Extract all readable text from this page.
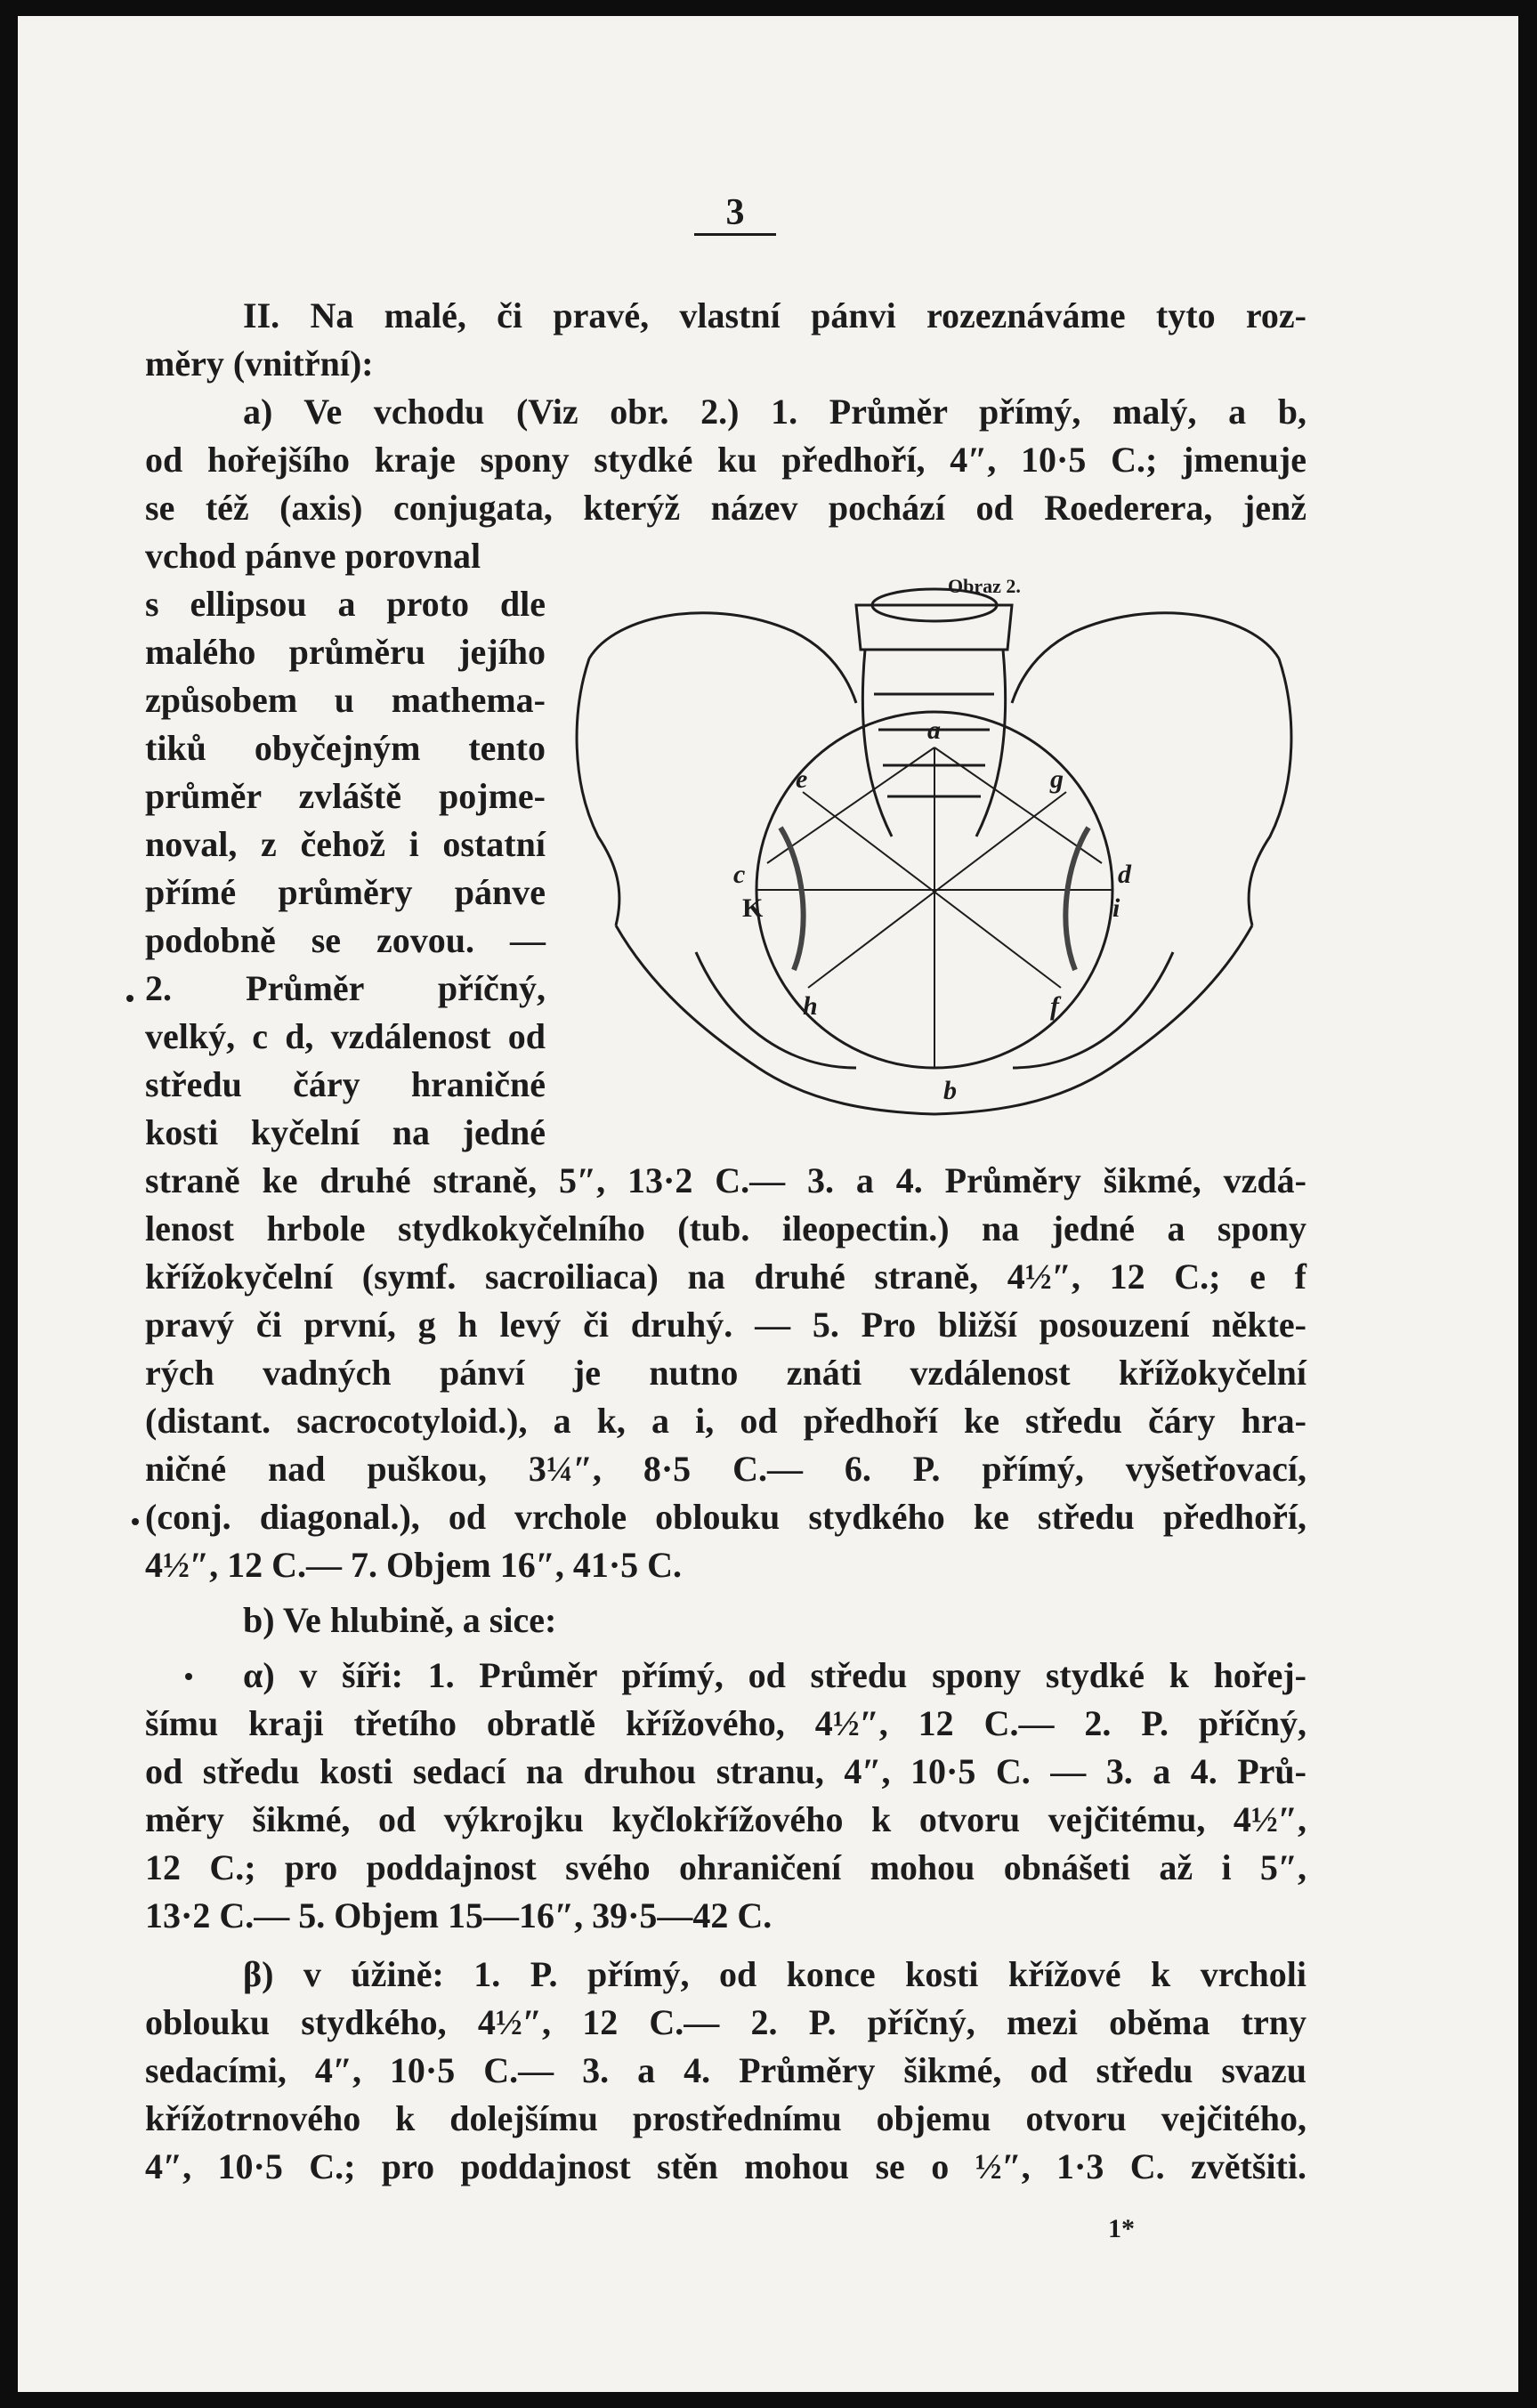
3
Obraz 2.
a
b
c	d
e
f
g
h
i
K
II. Na malé, či pravé, vlastní pánvi rozeznáváme tyto roz-
měry (vnitřní):
a) Ve vchodu (Viz obr. 2.) 1. Průměr přímý, malý, a b,
od hořejšího kraje spony stydké ku předhoří, 4″, 10·5 C.; jmenuje
se též (axis) conjugata, kterýž název pochází od Roederera, jenž
vchod pánve porovnal
s ellipsou a proto dle
malého průměru jejího
způsobem u mathema-
tiků obyčejným tento
průměr zvláště pojme-
noval, z čehož i ostatní
přímé průměry pánve
podobně se zovou. —
2. Průměr příčný,
velký, c d, vzdálenost od
středu čáry hraničné
kosti kyčelní na jedné
straně ke druhé straně, 5″, 13·2 C.— 3. a 4. Průměry šikmé, vzdá-
lenost hrbole stydkokyčelního (tub. ileopectin.) na jedné a spony
křížokyčelní (symf. sacroiliaca) na druhé straně, 4½″, 12 C.; e f
pravý či první, g h levý či druhý. — 5. Pro bližší posouzení někte-
rých vadných pánví je nutno znáti vzdálenost křížokyčelní
(distant. sacrocotyloid.), a k, a i, od předhoří ke středu čáry hra-
ničné nad puškou, 3¼″, 8·5 C.— 6. P. přímý, vyšetřovací,
(conj. diagonal.), od vrchole oblouku stydkého ke středu předhoří,
4½″, 12 C.— 7. Objem 16″, 41·5 C.
b) Ve hlubině, a sice:
α) v šíři: 1. Průměr přímý, od středu spony stydké k hořej-
šímu kraji třetího obratlě křížového, 4½″, 12 C.— 2. P. příčný,
od středu kosti sedací na druhou stranu, 4″, 10·5 C. — 3. a 4. Prů-
měry šikmé, od výkrojku kyčlokřížového k otvoru vejčitému, 4½″,
12 C.; pro poddajnost svého ohraničení mohou obnášeti až i 5″,
13·2 C.— 5. Objem 15—16″, 39·5—42 C.
β) v úžině: 1. P. přímý, od konce kosti křížové k vrcholi
oblouku stydkého, 4½″, 12 C.— 2. P. příčný, mezi oběma trny
sedacími, 4″, 10·5 C.— 3. a 4. Průměry šikmé, od středu svazu
křížotrnového k dolejšímu prostřednímu objemu otvoru vejčitého,
4″, 10·5 C.; pro poddajnost stěn mohou se o ½″, 1·3 C. zvětšiti.
1*
